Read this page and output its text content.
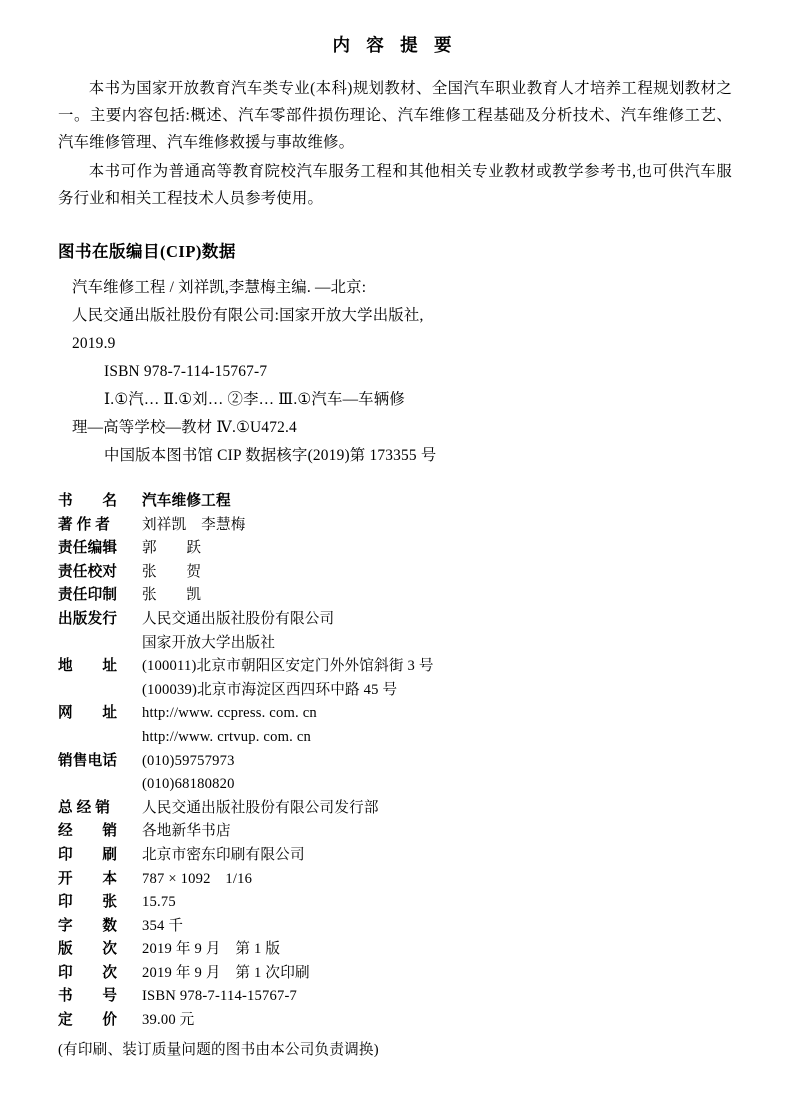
内 容 提 要

本书为国家开放教育汽车类专业(本科)规划教材、全国汽车职业教育人才培养工程规划教材之一。主要内容包括:概述、汽车零部件损伤理论、汽车维修工程基础及分析技术、汽车维修工艺、汽车维修管理、汽车维修救援与事故维修。

本书可作为普通高等教育院校汽车服务工程和其他相关专业教材或教学参考书,也可供汽车服务行业和相关工程技术人员参考使用。

图书在版编目(CIP)数据
汽车维修工程 / 刘祥凯,李慧梅主编. —北京:
人民交通出版社股份有限公司:国家开放大学出版社,
2019.9
ISBN 978-7-114-15767-7
Ⅰ.①汽… Ⅱ.①刘… ②李… Ⅲ.①汽车—车辆修
理—高等学校—教材 Ⅳ.①U472.4
中国版本图书馆 CIP 数据核字(2019)第 173355 号
书　　名	汽车维修工程
著 作 者	刘祥凯　李慧梅
责任编辑	郭　　跃
责任校对	张　　贺
责任印制	张　　凯
出版发行	人民交通出版社股份有限公司
国家开放大学出版社
地　　址	(100011)北京市朝阳区安定门外外馆斜街 3 号
(100039)北京市海淀区西四环中路 45 号
网　　址	http://www. ccpress. com. cn
http://www. crtvup. com. cn
销售电话	(010)59757973
(010)68180820
总 经 销	人民交通出版社股份有限公司发行部
经　　销	各地新华书店
印　　刷	北京市密东印刷有限公司
开　　本	787 × 1092　1/16
印　　张	15.75
字　　数	354 千
版　　次	2019 年 9 月　第 1 版
印　　次	2019 年 9 月　第 1 次印刷
书　　号	ISBN 978-7-114-15767-7
定　　价	39.00 元
(有印刷、装订质量问题的图书由本公司负责调换)
